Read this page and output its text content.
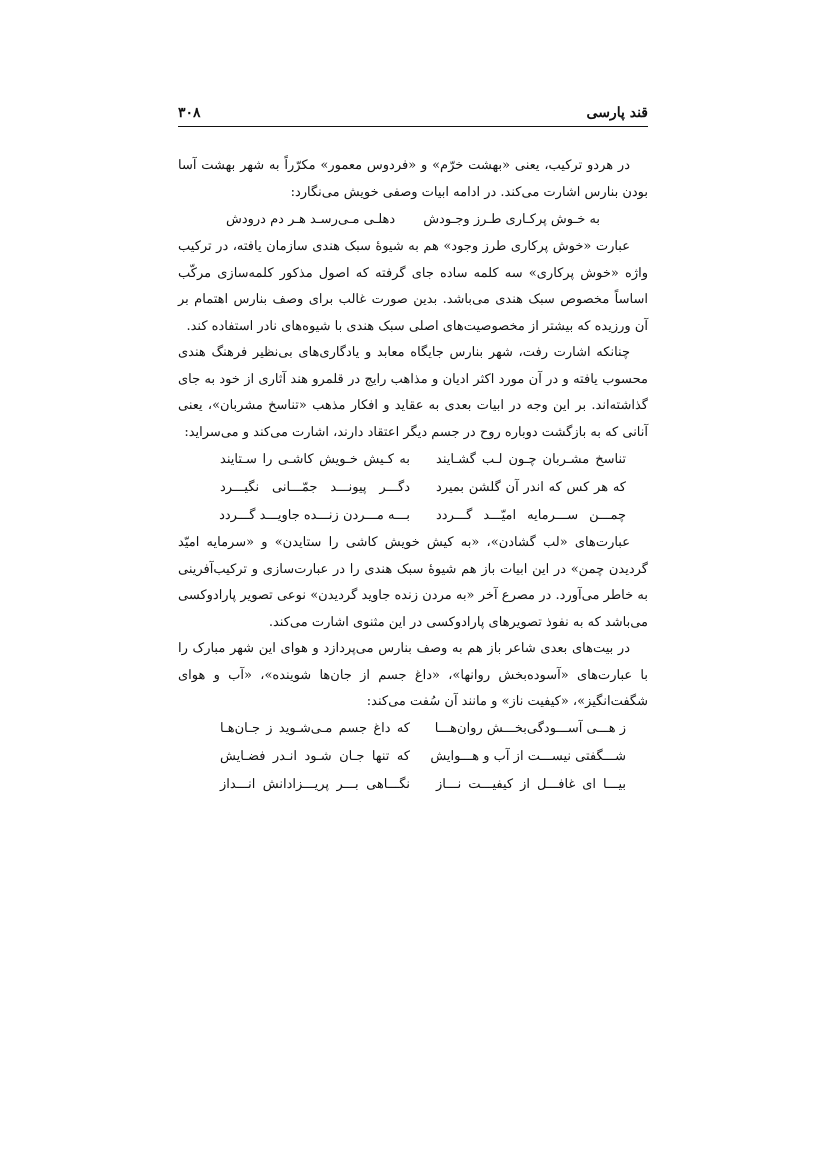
قند پارسی
۳۰۸

در هردو ترکیب، یعنی «بهشت خرّم» و «فردوس معمور» مکرّراً به شهر بهشت آسا بودن بنارس اشارت می‌کند. در ادامه ابیات وصفی خویش می‌نگارد:

به خـوش پرکـاری طـرز وجـودش
دهلـی مـی‌رسـد هـر دم درودش

عبارت «خوش پرکاری طرز وجود» هم به شیوهٔ سبک هندی سازمان یافته، در ترکیب واژه «خوش پرکاری» سه کلمه ساده جای گرفته که اصول مذکور کلمه‌سازی مرکّب اساساً مخصوص سبک هندی می‌باشد. بدین صورت غالب برای وصف بنارس اهتمام بر آن ورزیده که بیشتر از مخصوصیت‌های اصلی سبک هندی با شیوه‌های نادر استفاده کند.

چنانکه اشارت رفت، شهر بنارس جایگاه معابد و یادگاری‌های بی‌نظیر فرهنگ هندی محسوب یافته و در آن مورد اکثر ادیان و مذاهب رایج در قلمرو هند آثاری از خود به جای گذاشته‌اند. بر این وجه در ابیات بعدی به عقاید و افکار مذهب «تناسخ مشربان»، یعنی آنانی که به بازگشت دوباره روح در جسم دیگر اعتقاد دارند، اشارت می‌کند و می‌سراید:

تناسخ مشـربان چـون لـب گشـایند
به کـیش خـویش کاشـی را سـتایند
که هر کس که اندر آن گلشن بمیرد
دگـــر پیونـــد جمّـــانی نگیـــرد
چمـــن ســـرمایه امیّـــد گـــردد
بـــه مـــردن زنـــده جاویـــد گـــردد

عبارت‌های «لب گشادن»، «به کیش خویش کاشی را ستایدن» و «سرمایه امیّد گردیدن چمن» در این ابیات باز هم شیوهٔ سبک هندی را در عبارت‌سازی و ترکیب‌آفرینی به خاطر می‌آورد. در مصرع آخر «به مردن زنده جاوید گردیدن» نوعی تصویر پارادوکسی می‌باشد که به نفوذ تصویرهای پارادوکسی در این مثنوی اشارت می‌کند.

در بیت‌های بعدی شاعر باز هم به وصف بنارس می‌پردازد و هوای این شهر مبارک را با عبارت‌های «آسوده‌بخش روانها»، «داغ جسم از جان‌ها شوینده»، «آب و هوای شگفت‌انگیز»، «کیفیت ناز» و مانند آن سُفت می‌کند:

ز هـــی آســـودگی‌بخـــش روان‌هـــا
که داغ جسم مـی‌شـوید ز جـان‌هـا
شـــگفتی نیســـت از آب و هـــوایش
که تنها جـان شـود انـدر فضـایش
بیـــا ای غافـــل از کیفیـــت نـــاز
نگـــاهی بـــر پریـــزادانش انـــداز
